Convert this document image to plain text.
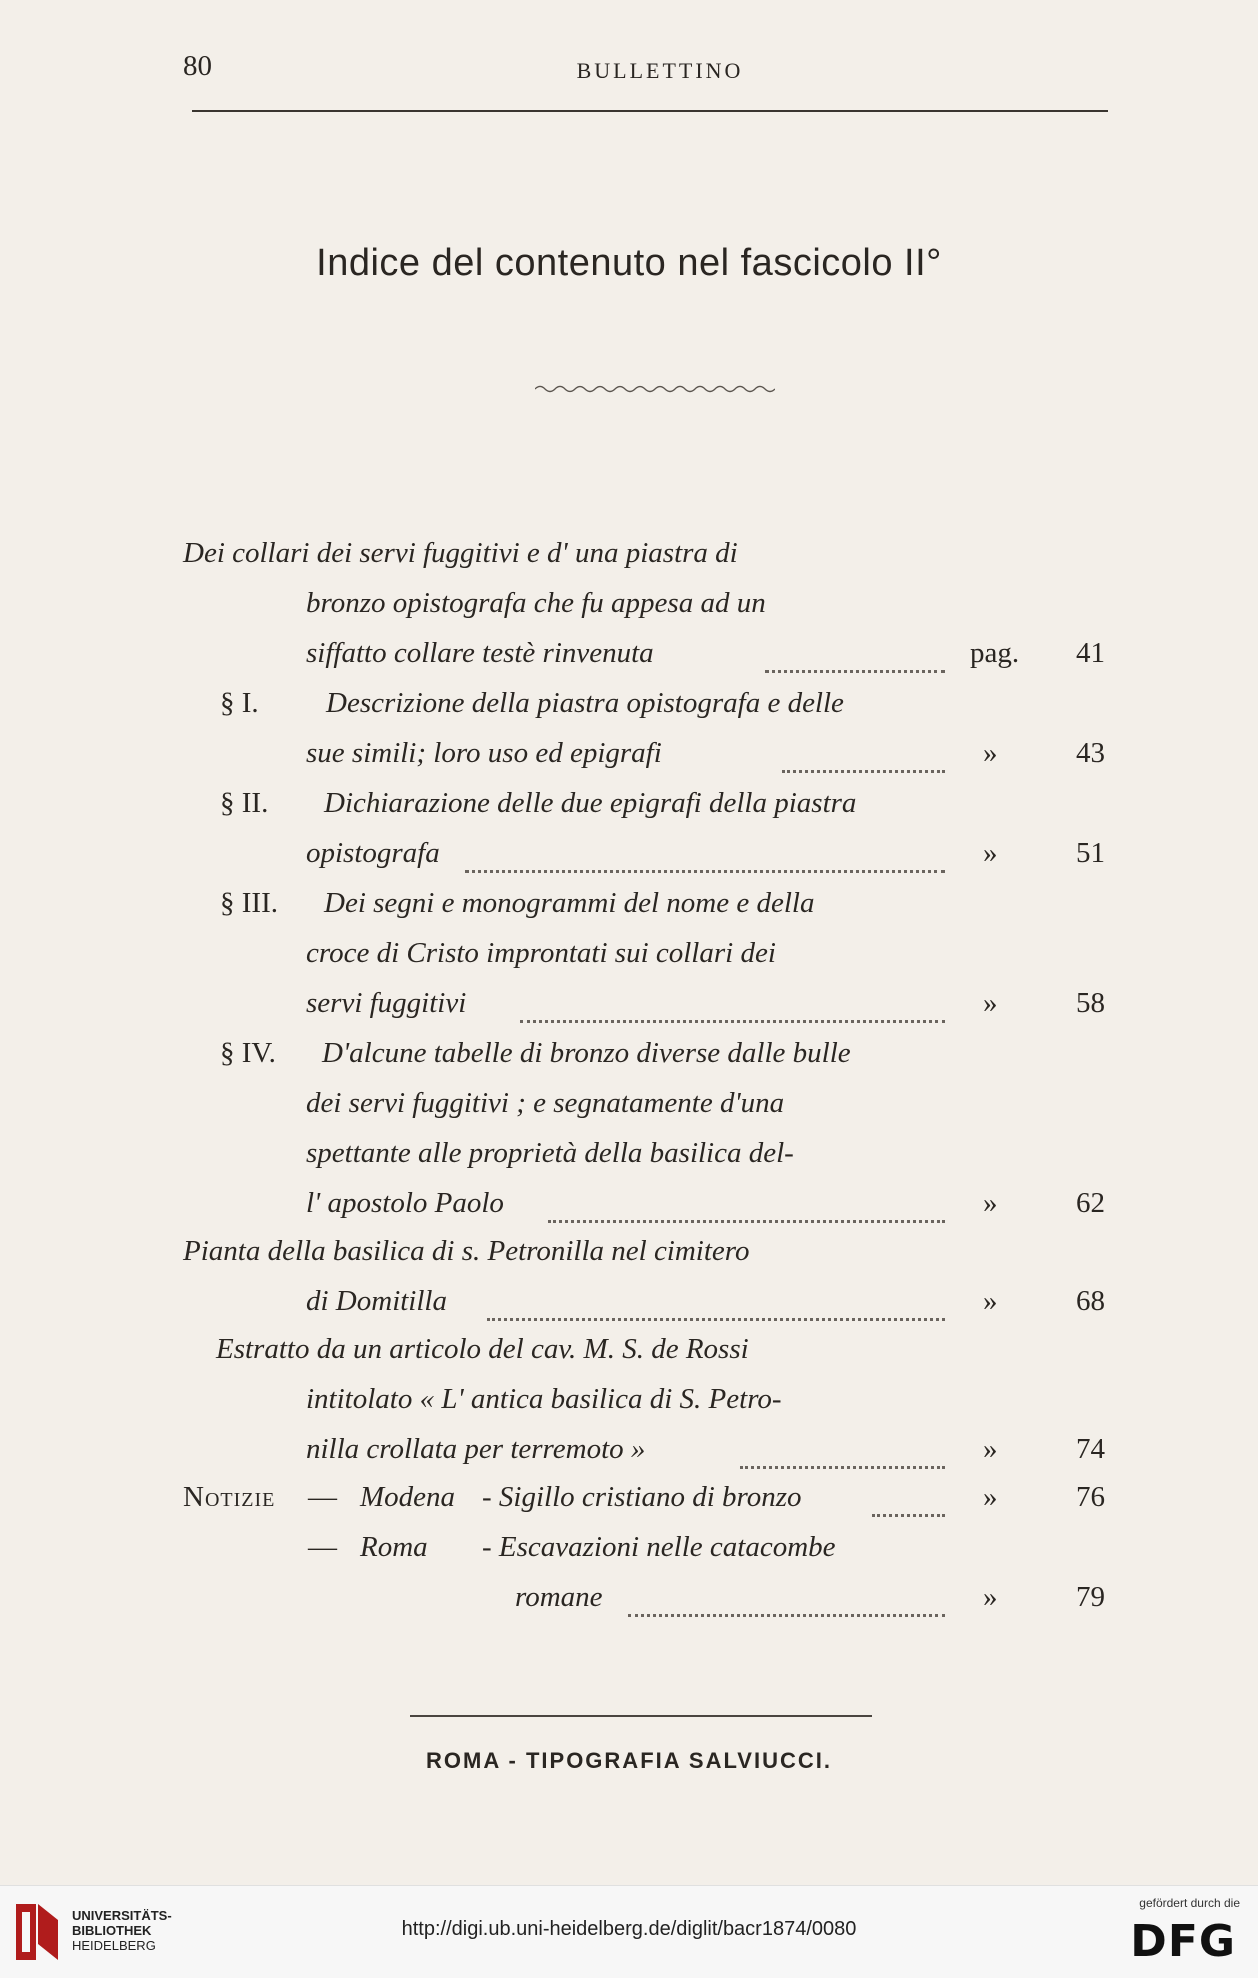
80	BULLETTINO
Indice del contenuto nel fascicolo II°
Dei collari dei servi fuggitivi e d' una piastra di
bronzo opistografa che fu appesa ad un
siffatto collare testè rinvenuta	pag. 41
§ I. Descrizione della piastra opistografa e delle
sue simili; loro uso ed epigrafi	»	43
§ II. Dichiarazione delle due epigrafi della piastra
opistografa	»	51
§ III. Dei segni e monogrammi del nome e della
croce di Cristo improntati sui collari dei
servi fuggitivi	»	58
§ IV. D'alcune tabelle di bronzo diverse dalle bulle
dei servi fuggitivi ; e segnatamente d'una
spettante alle proprietà della basilica del-
l' apostolo Paolo	»	62
Pianta della basilica di s. Petronilla nel cimitero
di Domitilla	»	68
Estratto da un articolo del cav. M. S. de Rossi
intitolato « L' antica basilica di S. Petro-
nilla crollata per terremoto »	»	74
Notizie — Modena - Sigillo cristiano di bronzo	»	76
— Roma - Escavazioni nelle catacombe
romane	»	79
ROMA - TIPOGRAFIA SALVIUCCI.
UNIVERSITÄTS-
BIBLIOTHEK
HEIDELBERG
http://digi.ub.uni-heidelberg.de/diglit/bacr1874/0080
gefördert durch die
DFG
